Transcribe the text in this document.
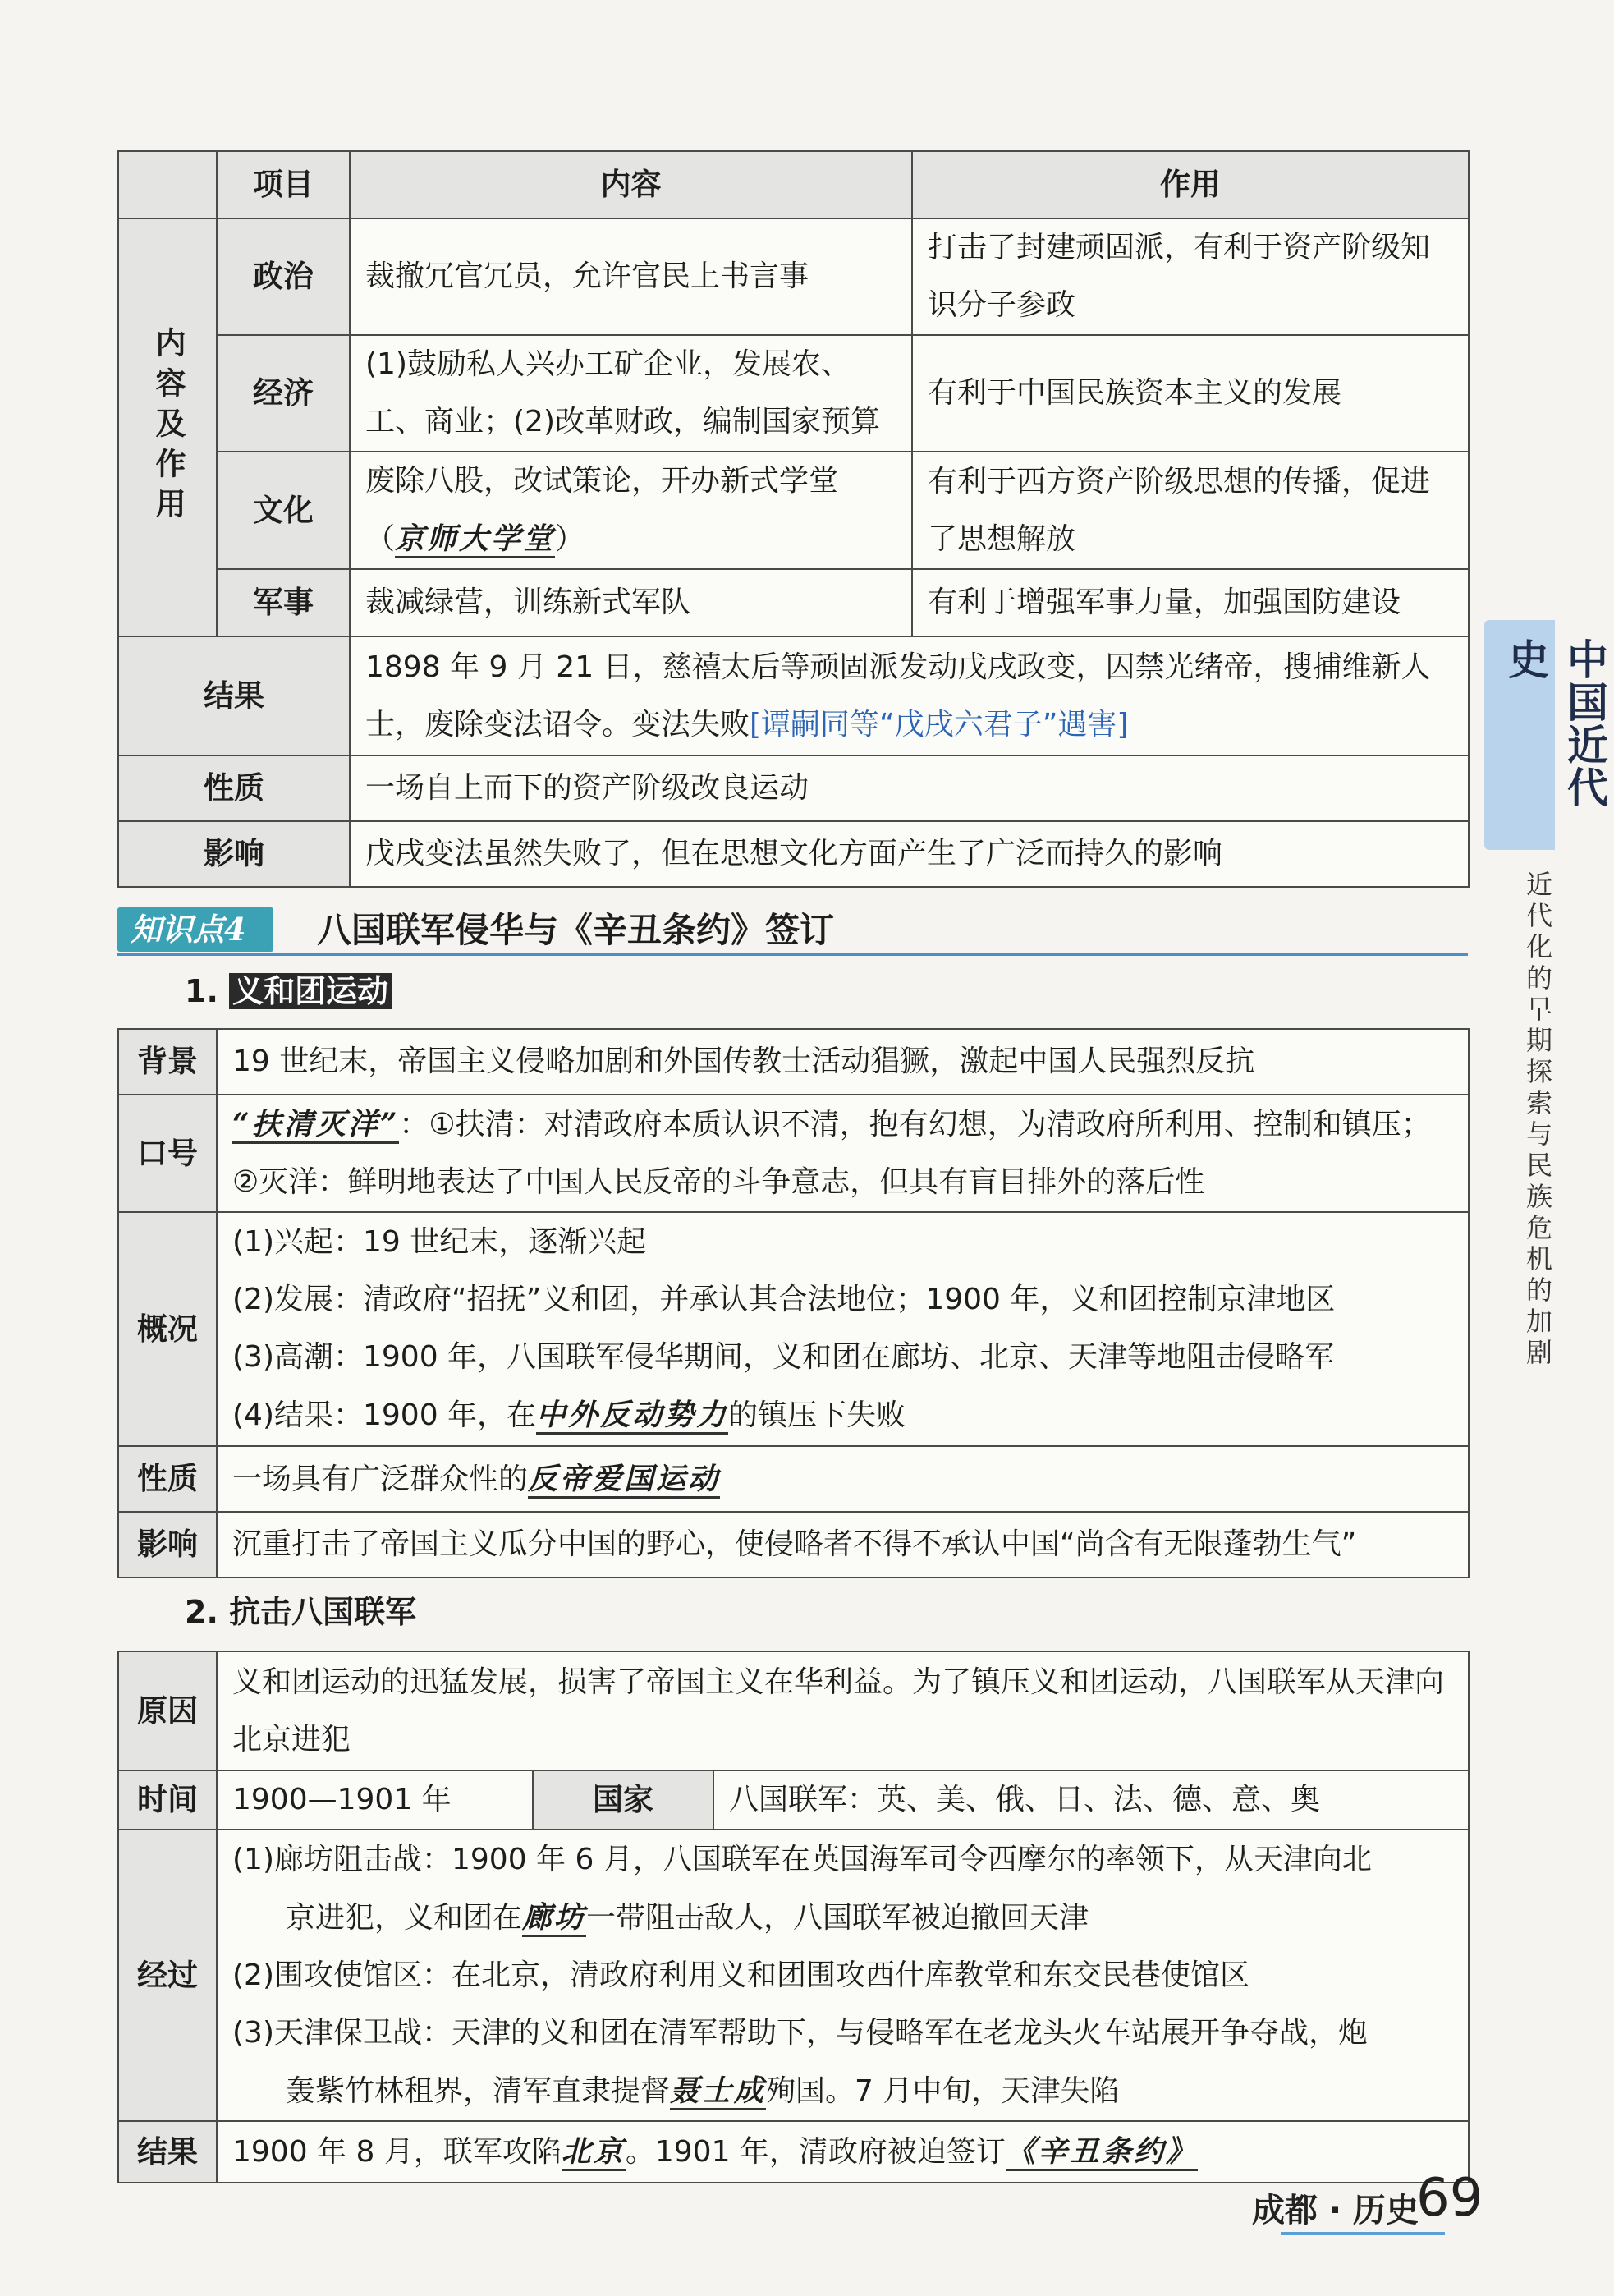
	项目	内容	作用

内容及作用	政治	裁撤冗官冗员，允许官民上书言事	打击了封建顽固派，有利于资产阶级知识分子参政
	经济	(1)鼓励私人兴办工矿企业，发展农、工、商业；(2)改革财政，编制国家预算	有利于中国民族资本主义的发展
	文化	废除八股，改试策论，开办新式学堂（京师大学堂）	有利于西方资产阶级思想的传播，促进了思想解放
	军事	裁减绿营，训练新式军队	有利于增强军事力量，加强国防建设
结果		1898 年 9 月 21 日，慈禧太后等顽固派发动戊戌政变，囚禁光绪帝，搜捕维新人士，废除变法诏令。变法失败[谭嗣同等“戊戌六君子”遇害]	
性质		一场自上而下的资产阶级改良运动	
影响		戊戌变法虽然失败了，但在思想文化方面产生了广泛而持久的影响	
知识点4	八国联军侵华与《辛丑条约》签订
1. 义和团运动
背景	19 世纪末，帝国主义侵略加剧和外国传教士活动猖獗，激起中国人民强烈反抗
口号	“扶清灭洋”：①扶清：对清政府本质认识不清，抱有幻想，为清政府所利用、控制和镇压；
②灭洋：鲜明地表达了中国人民反帝的斗争意志，但具有盲目排外的落后性
概况	(1)兴起：19 世纪末，逐渐兴起
(2)发展：清政府“招抚”义和团，并承认其合法地位；1900 年，义和团控制京津地区
(3)高潮：1900 年，八国联军侵华期间，义和团在廊坊、北京、天津等地阻击侵略军
(4)结果：1900 年，在中外反动势力的镇压下失败

性质	一场具有广泛群众性的反帝爱国运动
影响	沉重打击了帝国主义瓜分中国的野心，使侵略者不得不承认中国“尚含有无限蓬勃生气”
2. 抗击八国联军
原因	义和团运动的迅猛发展，损害了帝国主义在华利益。为了镇压义和团运动，八国联军从天津向北京进犯		
时间	1900—1901 年	国家	八国联军：英、美、俄、日、法、德、意、奥
经过	(1)廊坊阻击战：1900 年 6 月，八国联军在英国海军司令西摩尔的率领下，从天津向北
京进犯，义和团在廊坊一带阻击敌人，八国联军被迫撤回天津
(2)围攻使馆区：在北京，清政府利用义和团围攻西什库教堂和东交民巷使馆区
(3)天津保卫战：天津的义和团在清军帮助下，与侵略军在老龙头火车站展开争夺战，炮
轰紫竹林租界，清军直隶提督聂士成殉国。7 月中旬，天津失陷		

结果	1900 年 8 月，联军攻陷北京。1901 年，清政府被迫签订《辛丑条约》		
中国近代史
近代化的早期探索与民族危机的加剧
成都 · 历史
69
